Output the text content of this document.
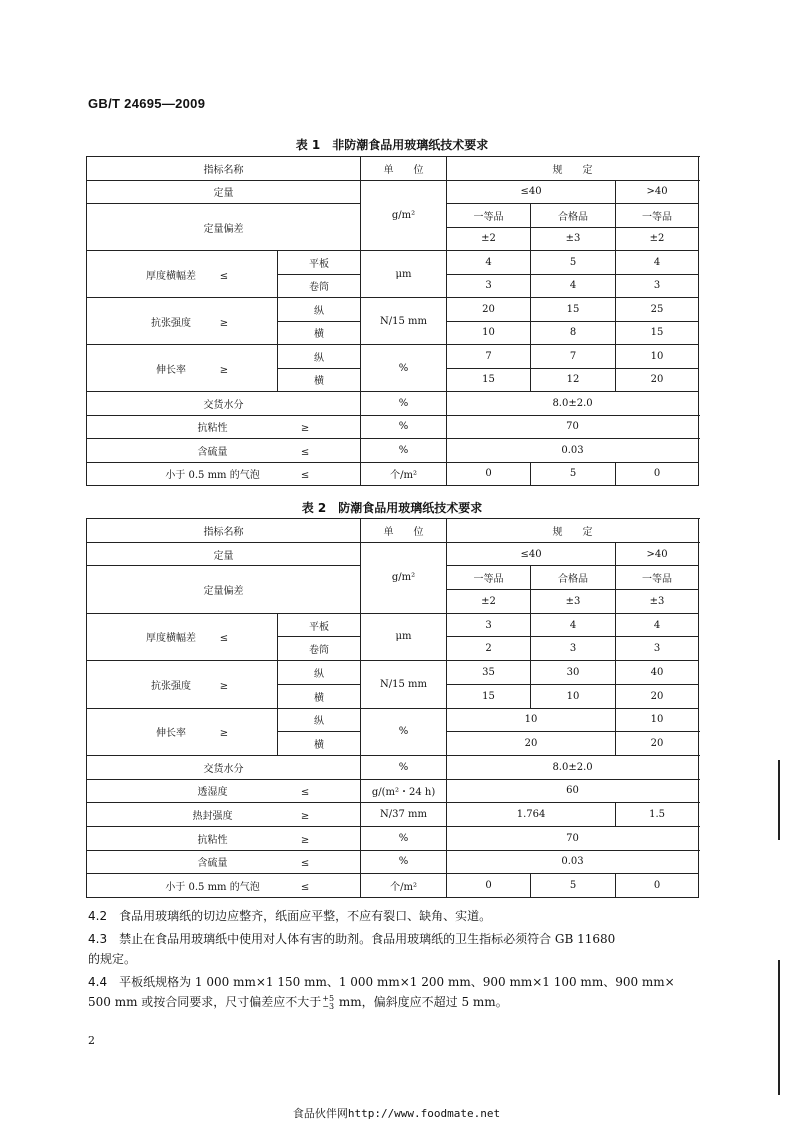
GB/T 24695—2009
表 1　非防潮食品用玻璃纸技术要求
指标名称		单　　位	规　　定			
定量		g/m²	≤40		>40	
定量偏差			一等品	合格品	一等品	
			±2	±3	±2	
厚度横幅差 ≤	平板	μm	4	5	4	
	卷筒		3	4	3	
抗张强度 ≥	纵	N/15 mm	20	15	25	
	横		10	8	15	
伸长率 ≥	纵	%	7	7	10	
	横		15	12	20	
交货水分		%	8.0±2.0			
抗粘性 ≥		%	70			
含硫量 ≤		%	0.03			
小于 0.5 mm 的气泡 ≤		个/m²	0	5	0	
表 2　防潮食品用玻璃纸技术要求
指标名称		单　　位	规　　定			
定量		g/m²	≤40		>40	
定量偏差			一等品	合格品	一等品	
			±2	±3	±3	
厚度横幅差 ≤	平板	μm	3	4	4	
	卷筒		2	3	3	
抗张强度 ≥	纵	N/15 mm	35	30	40	
	横		15	10	20	
伸长率 ≥	纵	%	10		10	
	横		20		20	
交货水分		%	8.0±2.0			
透湿度 ≤		g/(m²・24 h)	60			
热封强度 ≥		N/37 mm	1.764		1.5	
抗粘性 ≥		%	70			
含硫量 ≤		%	0.03			
小于 0.5 mm 的气泡 ≤		个/m²	0	5	0	
4.2　 食品用玻璃纸的切边应整齐，纸面应平整，不应有裂口、缺角、实道。
4.3　 禁止在食品用玻璃纸中使用对人体有害的助剂。食品用玻璃纸的卫生指标必须符合 GB 11680
的规定。
4.4　 平板纸规格为 1 000 mm×1 150 mm、1 000 mm×1 200 mm、900 mm×1 100 mm、900 mm×
500 mm 或按合同要求，尺寸偏差应不大于+5
−3 mm，偏斜度应不超过 5 mm。
2
食品伙伴网http://www.foodmate.net
